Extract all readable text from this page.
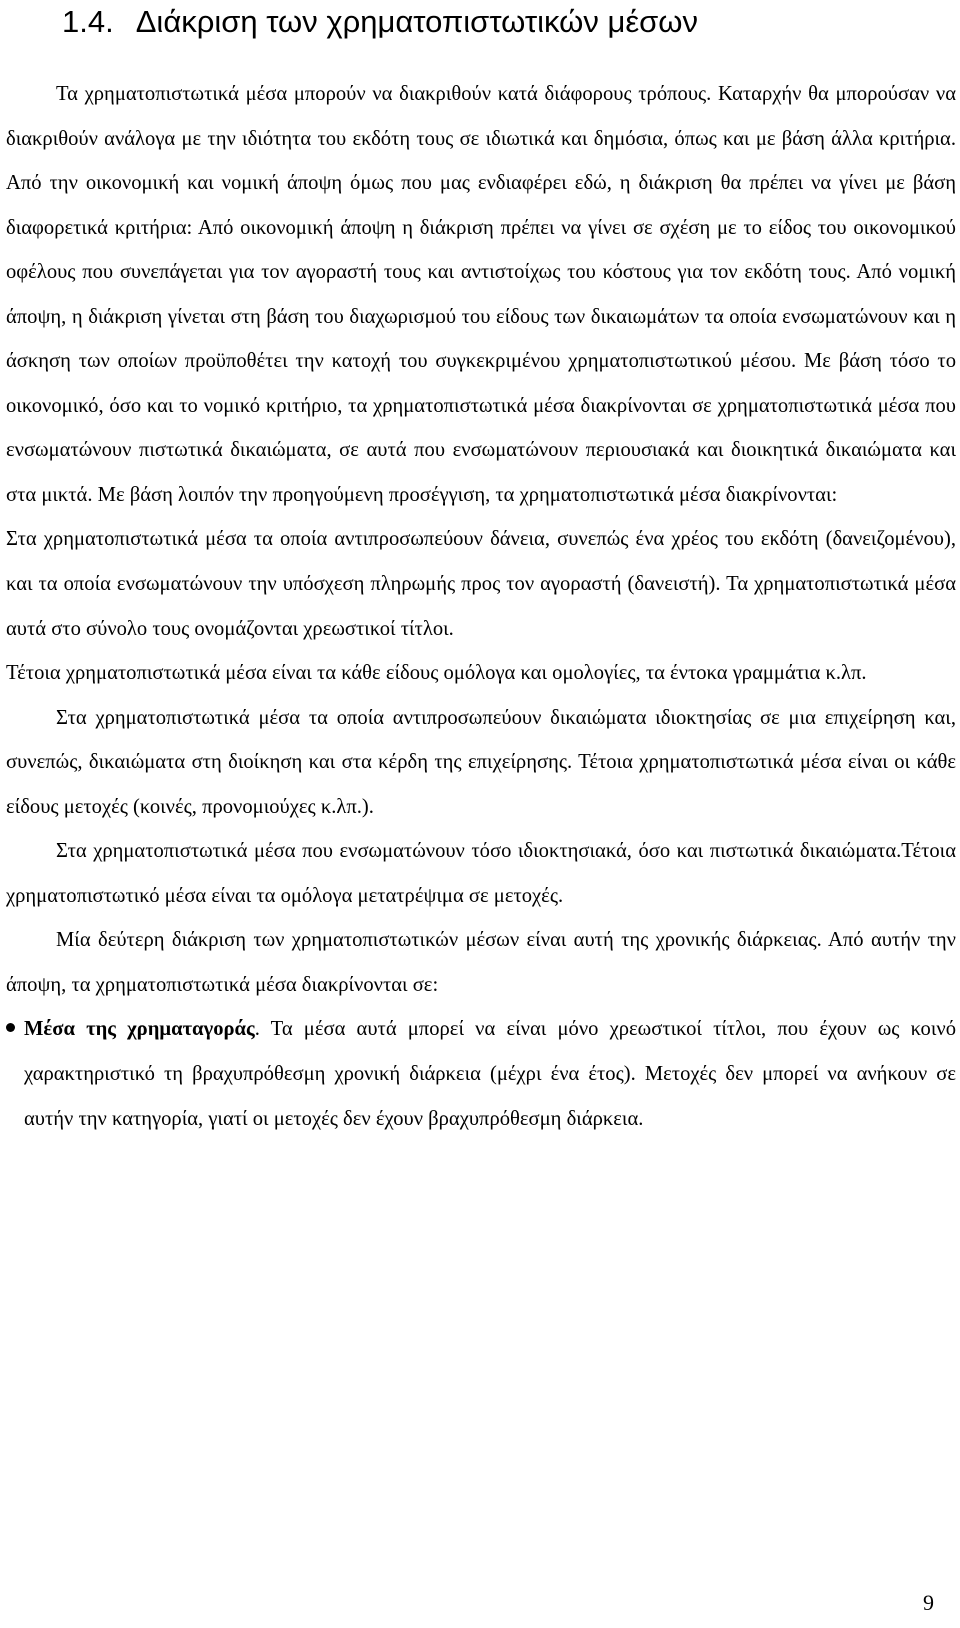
1.4. Διάκριση των χρηματοπιστωτικών μέσων

Τα χρηματοπιστωτικά μέσα μπορούν να διακριθούν κατά διάφορους τρόπους. Καταρχήν θα μπορούσαν να διακριθούν ανάλογα με την ιδιότητα του εκδότη τους σε ιδιωτικά και δημόσια, όπως και με βάση άλλα κριτήρια. Από την οικονομική και νομική άποψη όμως που μας ενδιαφέρει εδώ, η διάκριση θα πρέπει να γίνει με βάση διαφορετικά κριτήρια: Από οικονομική άποψη η διάκριση πρέπει να γίνει σε σχέση με το είδος του οικονομικού οφέλους που συνεπάγεται για τον αγοραστή τους και αντιστοίχως του κόστους για τον εκδότη τους. Από νομική άποψη, η διάκριση γίνεται στη βάση του διαχωρισμού του είδους των δικαιωμάτων τα οποία ενσωματώνουν και η άσκηση των οποίων προϋποθέτει την κατοχή του συγκεκριμένου χρηματοπιστωτικού μέσου. Με βάση τόσο το οικονομικό, όσο και το νομικό κριτήριο, τα χρηματοπιστωτικά μέσα διακρίνονται σε χρηματοπιστωτικά μέσα που ενσωματώνουν πιστωτικά δικαιώματα, σε αυτά που ενσωματώνουν περιουσιακά και διοικητικά δικαιώματα και στα μικτά. Με βάση λοιπόν την προηγούμενη προσέγγιση, τα χρηματοπιστωτικά μέσα διακρίνονται:

Στα χρηματοπιστωτικά μέσα τα οποία αντιπροσωπεύουν δάνεια, συνεπώς ένα χρέος του εκδότη (δανειζομένου), και τα οποία ενσωματώνουν την υπόσχεση πληρωμής προς τον αγοραστή (δανειστή). Τα χρηματοπιστωτικά μέσα αυτά στο σύνολο τους ονομάζονται χρεωστικοί τίτλοι.

Τέτοια χρηματοπιστωτικά μέσα είναι τα κάθε είδους ομόλογα και ομολογίες, τα έντοκα γραμμάτια κ.λπ.

Στα χρηματοπιστωτικά μέσα τα οποία αντιπροσωπεύουν δικαιώματα ιδιοκτησίας σε μια επιχείρηση και, συνεπώς, δικαιώματα στη διοίκηση και στα κέρδη της επιχείρησης. Τέτοια χρηματοπιστωτικά μέσα είναι οι κάθε είδους μετοχές (κοινές, προνομιούχες κ.λπ.).

Στα χρηματοπιστωτικά μέσα που ενσωματώνουν τόσο ιδιοκτησιακά, όσο και πιστωτικά δικαιώματα.Τέτοια χρηματοπιστωτικό μέσα είναι τα ομόλογα μετατρέψιμα σε μετοχές.

Μία δεύτερη διάκριση των χρηματοπιστωτικών μέσων είναι αυτή της χρονικής διάρκειας. Από αυτήν την άποψη, τα χρηματοπιστωτικά μέσα διακρίνονται σε:

Μέσα της χρηματαγοράς. Τα μέσα αυτά μπορεί να είναι μόνο χρεωστικοί τίτλοι, που έχουν ως κοινό χαρακτηριστικό τη βραχυπρόθεσμη χρονική διάρκεια (μέχρι ένα έτος). Μετοχές δεν μπορεί να ανήκουν σε αυτήν την κατηγορία, γιατί οι μετοχές δεν έχουν βραχυπρόθεσμη διάρκεια.

9
